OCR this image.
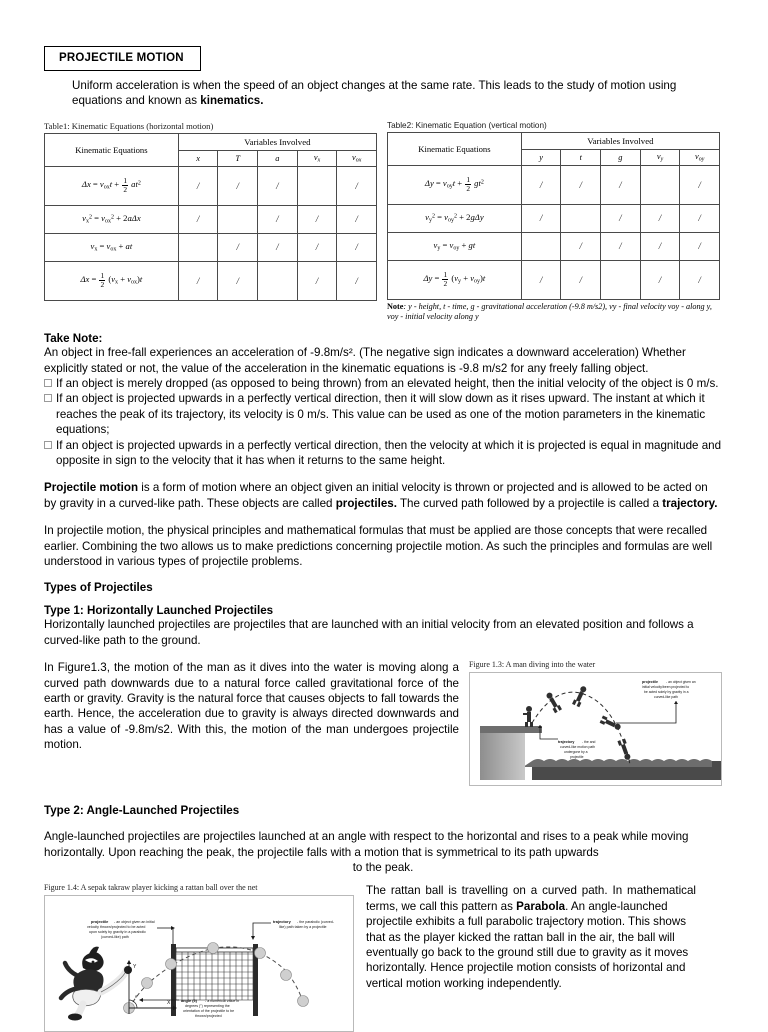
PROJECTILE MOTION

Uniform acceleration is when the speed of an object changes at the same rate. This leads to the study of motion using equations and known as kinematics.

Table1: Kinematic Equations (horizontal motion)
Kinematic Equations	Variables Involved				
	x	T	a	$v_x$	$v_{ox}$
$\Delta x = v_{ox}t + \frac{1}{2} at^2$	/	/	/		/
$v_x^2 = v_{ox}^2 + 2a\Delta x$	/		/	/	/
$v_x = v_{ox}$ + at		/	/	/	/
$\Delta x = \frac{1}{2} (v_x + v_{ox})t$	/	/		/	/
Table2: Kinematic Equation (vertical motion)
Kinematic Equations	Variables Involved				
	y	t	g	$v_y$	$v_{oy}$
$\Delta y = v_{oy}t + \frac{1}{2} gt^2$	/	/	/		/
$v_y^2 = v_{oy}^2 + 2g\Delta y$	/		/	/	/
$v_y = v_{oy}$ + gt		/	/	/	/
$\Delta y = \frac{1}{2} (v_y + v_{oy})t$	/	/		/	/
Note: y - height, t - time, g - gravitational acceleration (-9.8 m/s2), vy - final velocity voy - along y, voy - initial velocity along y
Take Note:

An object in free-fall experiences an acceleration of -9.8m/s². (The negative sign indicates a downward acceleration) Whether explicitly stated or not, the value of the acceleration in the kinematic equations is -9.8 m/s2 for any freely falling object.

If an object is merely dropped (as opposed to being thrown) from an elevated height, then the initial velocity of the object is 0 m/s.

If an object is projected upwards in a perfectly vertical direction, then it will slow down as it rises upward. The instant at which it reaches the peak of its trajectory, its velocity is 0 m/s. This value can be used as one of the motion parameters in the kinematic equations;

If an object is projected upwards in a perfectly vertical direction, then the velocity at which it is projected is equal in magnitude and opposite in sign to the velocity that it has when it returns to the same height.

Projectile motion is a form of motion where an object given an initial velocity is thrown or projected and is allowed to be acted on by gravity in a curved-like path. These objects are called projectiles. The curved path followed by a projectile is called a trajectory.

In projectile motion, the physical principles and mathematical formulas that must be applied are those concepts that were recalled earlier. Combining the two allows us to make predictions concerning projectile motion. As such the principles and formulas are well understood in various types of projectile problems.

Types of Projectiles
Type 1: Horizontally Launched Projectiles

Horizontally launched projectiles are projectiles that are launched with an initial velocity from an elevated position and follows a curved-like path to the ground.

Figure 1.3: A man diving into the water
projectile - an object given an
initial velocity/been projected to
be acted solely by gravity in a
curved-like path
trajectory - the and
curved-like motion path
undergone by a
projectile

In Figure1.3, the motion of the man as it dives into the water is moving along a curved path downwards due to a natural force called gravitational force of the earth or gravity. Gravity is the natural force that causes objects to fall towards the earth. Hence, the acceleration due to gravity is always directed downwards and has a value of -9.8m/s2. With this, the motion of the man undergoes projectile motion.

Type 2: Angle-Launched Projectiles

Angle-launched projectiles are projectiles launched at an angle with respect to the horizontal and rises to a peak while moving horizontally. Upon reaching the peak, the projectile falls with a motion that is symmetrical to its path upwards

to the peak.

Figure 1.4: A sepak takraw player kicking a rattan ball over the net
Y
X
θ
projectile - an object given an initial
velocity thrown/projected to be acted
upon solely by gravity in a parabolic
(curved-like) path
trajectory - the parabolic (curved-
like) path taken by a projectile
angle (θ) - a numerical value in
degrees (°) representing the
orientation of the projectile to be
thrown/projected
The rattan ball is travelling on a curved path. In mathematical terms, we call this pattern as Parabola. An angle-launched
projectile exhibits a full parabolic trajectory motion. This shows that as the player kicked the rattan ball in the air, the ball will eventually go back to the ground still due to gravity as it moves horizontally. Hence projectile motion consists of horizontal and vertical motion working independently.
